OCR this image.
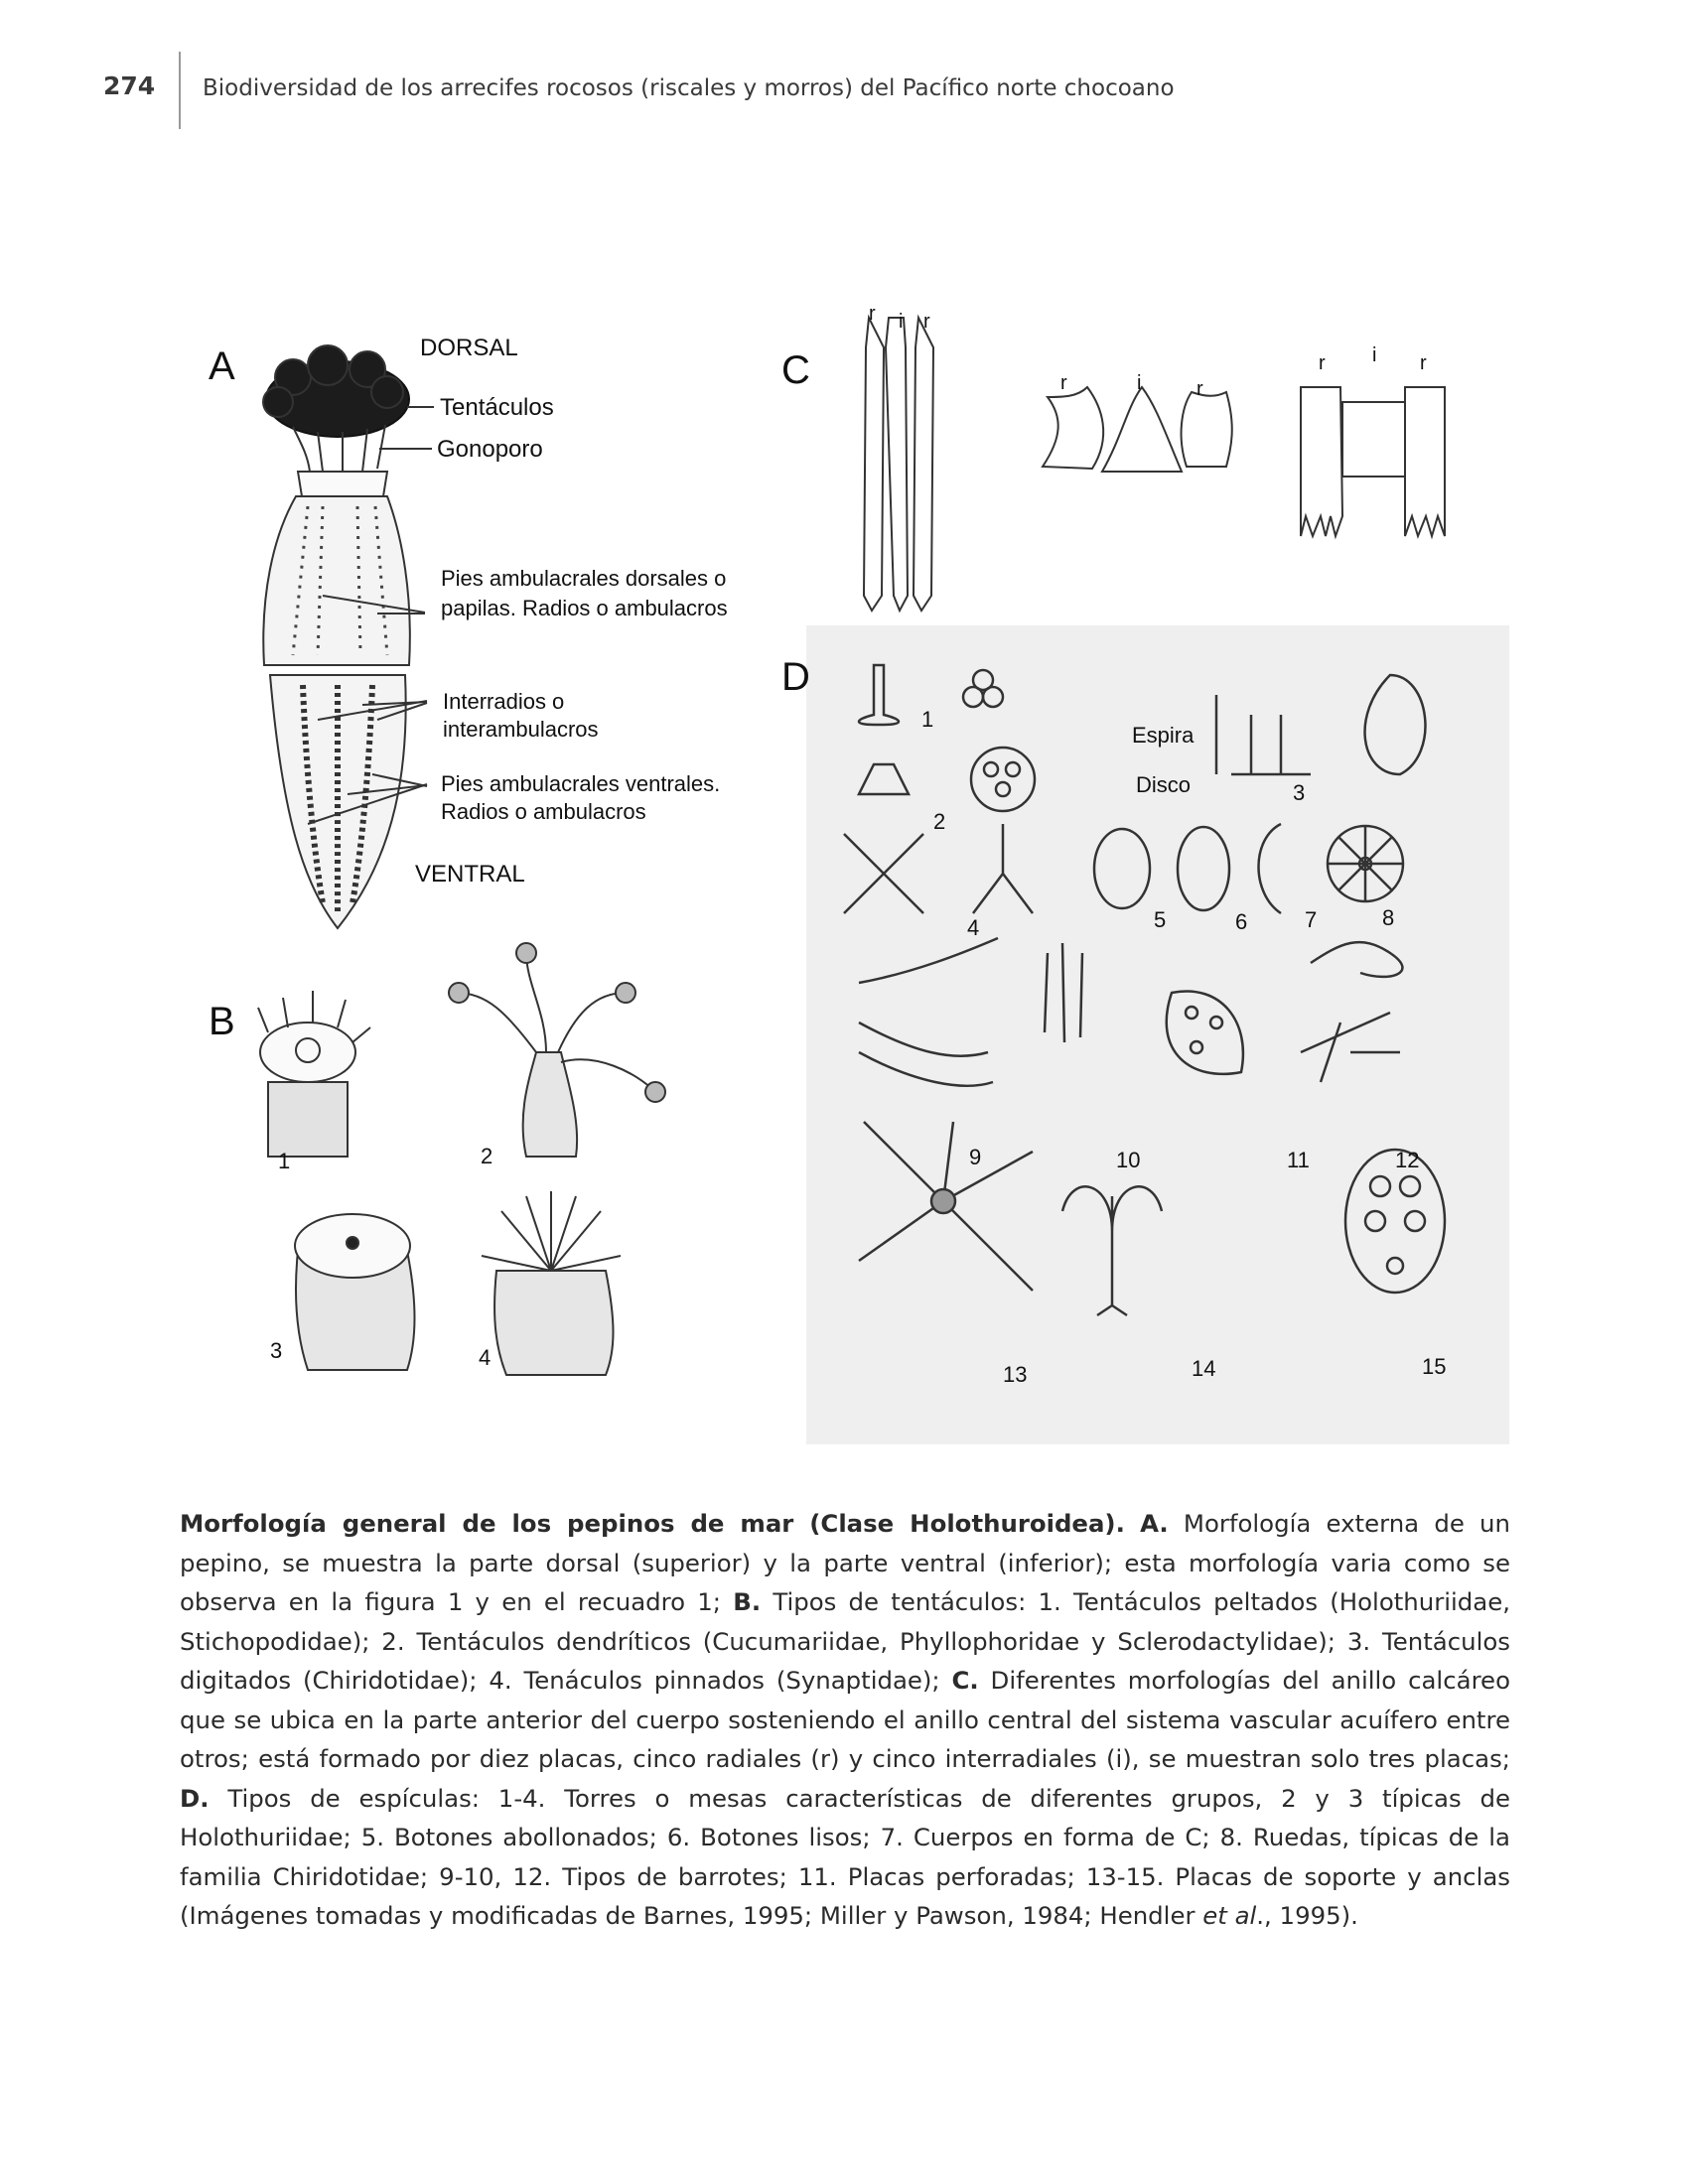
274 Biodiversidad de los arrecifes rocosos (riscales y morros) del Pacífico norte chocoano
A	DORSAL
Tentáculos
Gonoporo
Pies ambulacrales dorsales o
papilas. Radios o ambulacros
Interradios o
interambulacros
Pies ambulacrales ventrales.
Radios o ambulacros
VENTRAL
B
1	2
3	4
C
r i r
r	i	r
r i r
D
Espira
Disco
1
2
3
4	5	6	7	8
9	10	11	12
13	14	15
Morfología general de los pepinos de mar (Clase Holothuroidea). A. Morfología externa de un pepino, se muestra la parte dorsal (superior) y la parte ventral (inferior); esta morfología varia como se observa en la figura 1 y en el recuadro 1; B. Tipos de tentáculos: 1. Tentáculos peltados (Holothuriidae, Stichopodidae); 2. Tentáculos dendríticos (Cucumariidae, Phyllophoridae y Sclerodactylidae); 3. Tentáculos digitados (Chiridotidae); 4. Tenáculos pinnados (Synaptidae); C. Diferentes morfologías del anillo calcáreo que se ubica en la parte anterior del cuerpo sosteniendo el anillo central del sistema vascular acuífero entre otros; está formado por diez placas, cinco radiales (r) y cinco interradiales (i), se muestran solo tres placas; D. Tipos de espículas: 1-4. Torres o mesas características de diferentes grupos, 2 y 3 típicas de Holothuriidae; 5. Botones abollonados; 6. Botones lisos; 7. Cuerpos en forma de C; 8. Ruedas, típicas de la familia Chiridotidae; 9-10, 12. Tipos de barrotes; 11. Placas perforadas; 13-15. Placas de soporte y anclas (Imágenes tomadas y modificadas de Barnes, 1995; Miller y Pawson, 1984; Hendler et al., 1995).
